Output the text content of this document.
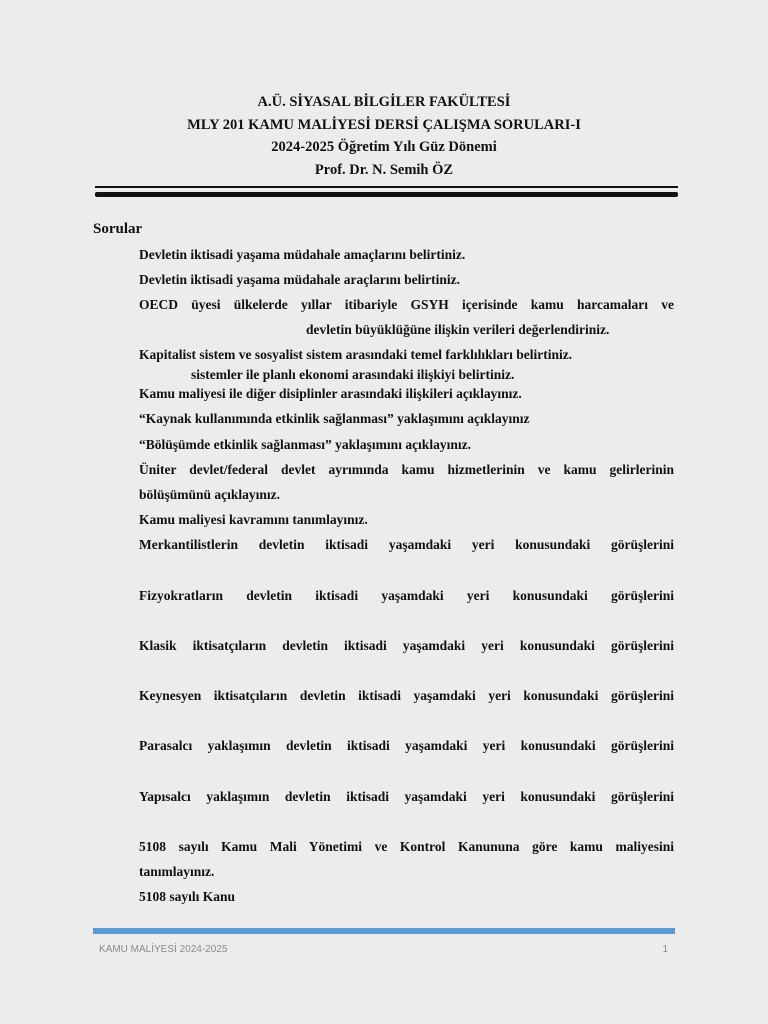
A.Ü. SİYASAL BİLGİLER FAKÜLTESİ
MLY 201 KAMU MALİYESİ DERSİ ÇALIŞMA SORULARI-I
2024-2025 Öğretim Yılı Güz Dönemi
Prof. Dr. N. Semih ÖZ
Sorular
Devletin iktisadi yaşama müdahale amaçlarını belirtiniz.
Devletin iktisadi yaşama müdahale araçlarını belirtiniz.
OECD üyesi ülkelerde yıllar itibariyle GSYH içerisinde kamu harcamaları ve
devletin büyüklüğüne ilişkin verileri değerlendiriniz.
Kapitalist sistem ve sosyalist sistem arasındaki temel farklılıkları belirtiniz.
sistemler ile planlı ekonomi arasındaki ilişkiyi belirtiniz.
Kamu maliyesi ile diğer disiplinler arasındaki ilişkileri açıklayınız.
“Kaynak kullanımında etkinlik sağlanması” yaklaşımını açıklayınız
“Bölüşümde etkinlik sağlanması” yaklaşımını açıklayınız.
Üniter devlet/federal devlet ayrımında kamu hizmetlerinin ve kamu gelirlerinin
bölüşümünü açıklayınız.
Kamu maliyesi kavramını tanımlayınız.
Merkantilistlerin devletin iktisadi yaşamdaki yeri konusundaki görüşlerini
Fizyokratların devletin iktisadi yaşamdaki yeri konusundaki görüşlerini
Klasik iktisatçıların devletin iktisadi yaşamdaki yeri konusundaki görüşlerini
Keynesyen iktisatçıların devletin iktisadi yaşamdaki yeri konusundaki görüşlerini
Parasalcı yaklaşımın devletin iktisadi yaşamdaki yeri konusundaki görüşlerini
Yapısalcı yaklaşımın devletin iktisadi yaşamdaki yeri konusundaki görüşlerini
5108 sayılı Kamu Mali Yönetimi ve Kontrol Kanununa göre kamu maliyesini
tanımlayınız.
5108 sayılı Kanu
KAMU MALİYESİ 2024-2025	1
